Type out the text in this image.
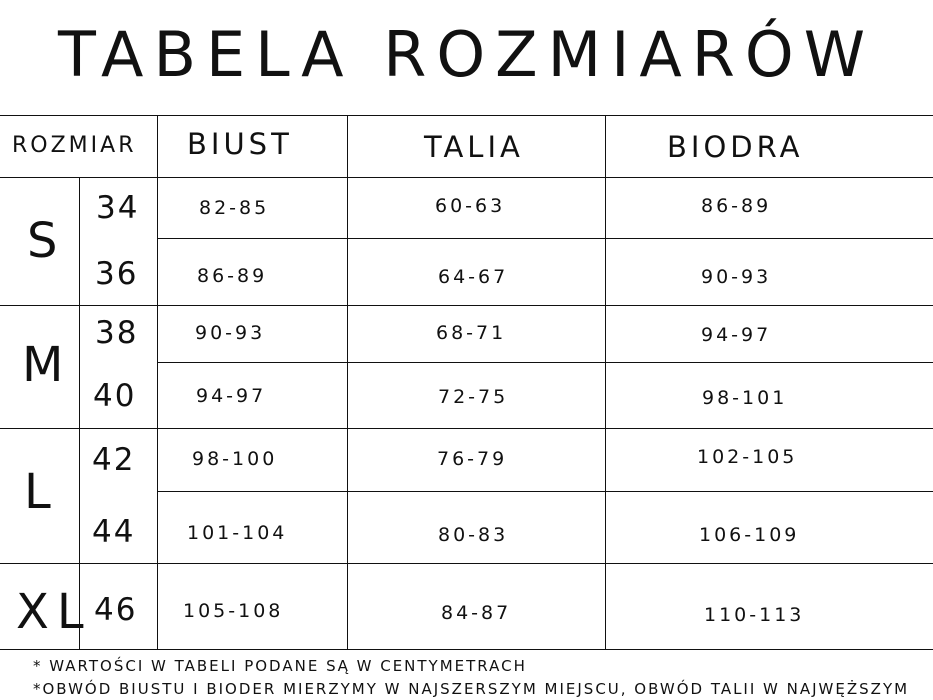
TABELA ROZMIARÓW
ROZMIAR BIUST	TALIA	BIODRA
S
M
L
XL
34
36
38
40
42
44
46
82-85
86-89
90-93
94-97
98-100
101-104
105-108
60-63
64-67
68-71
72-75
76-79
80-83
84-87
86-89
90-93
94-97
98-101
102-105
106-109
110-113
* WARTOŚCI W TABELI PODANE SĄ W CENTYMETRACH
*OBWÓD BIUSTU I BIODER MIERZYMY W NAJSZERSZYM MIEJSCU, OBWÓD TALII W NAJWĘŻSZYM
